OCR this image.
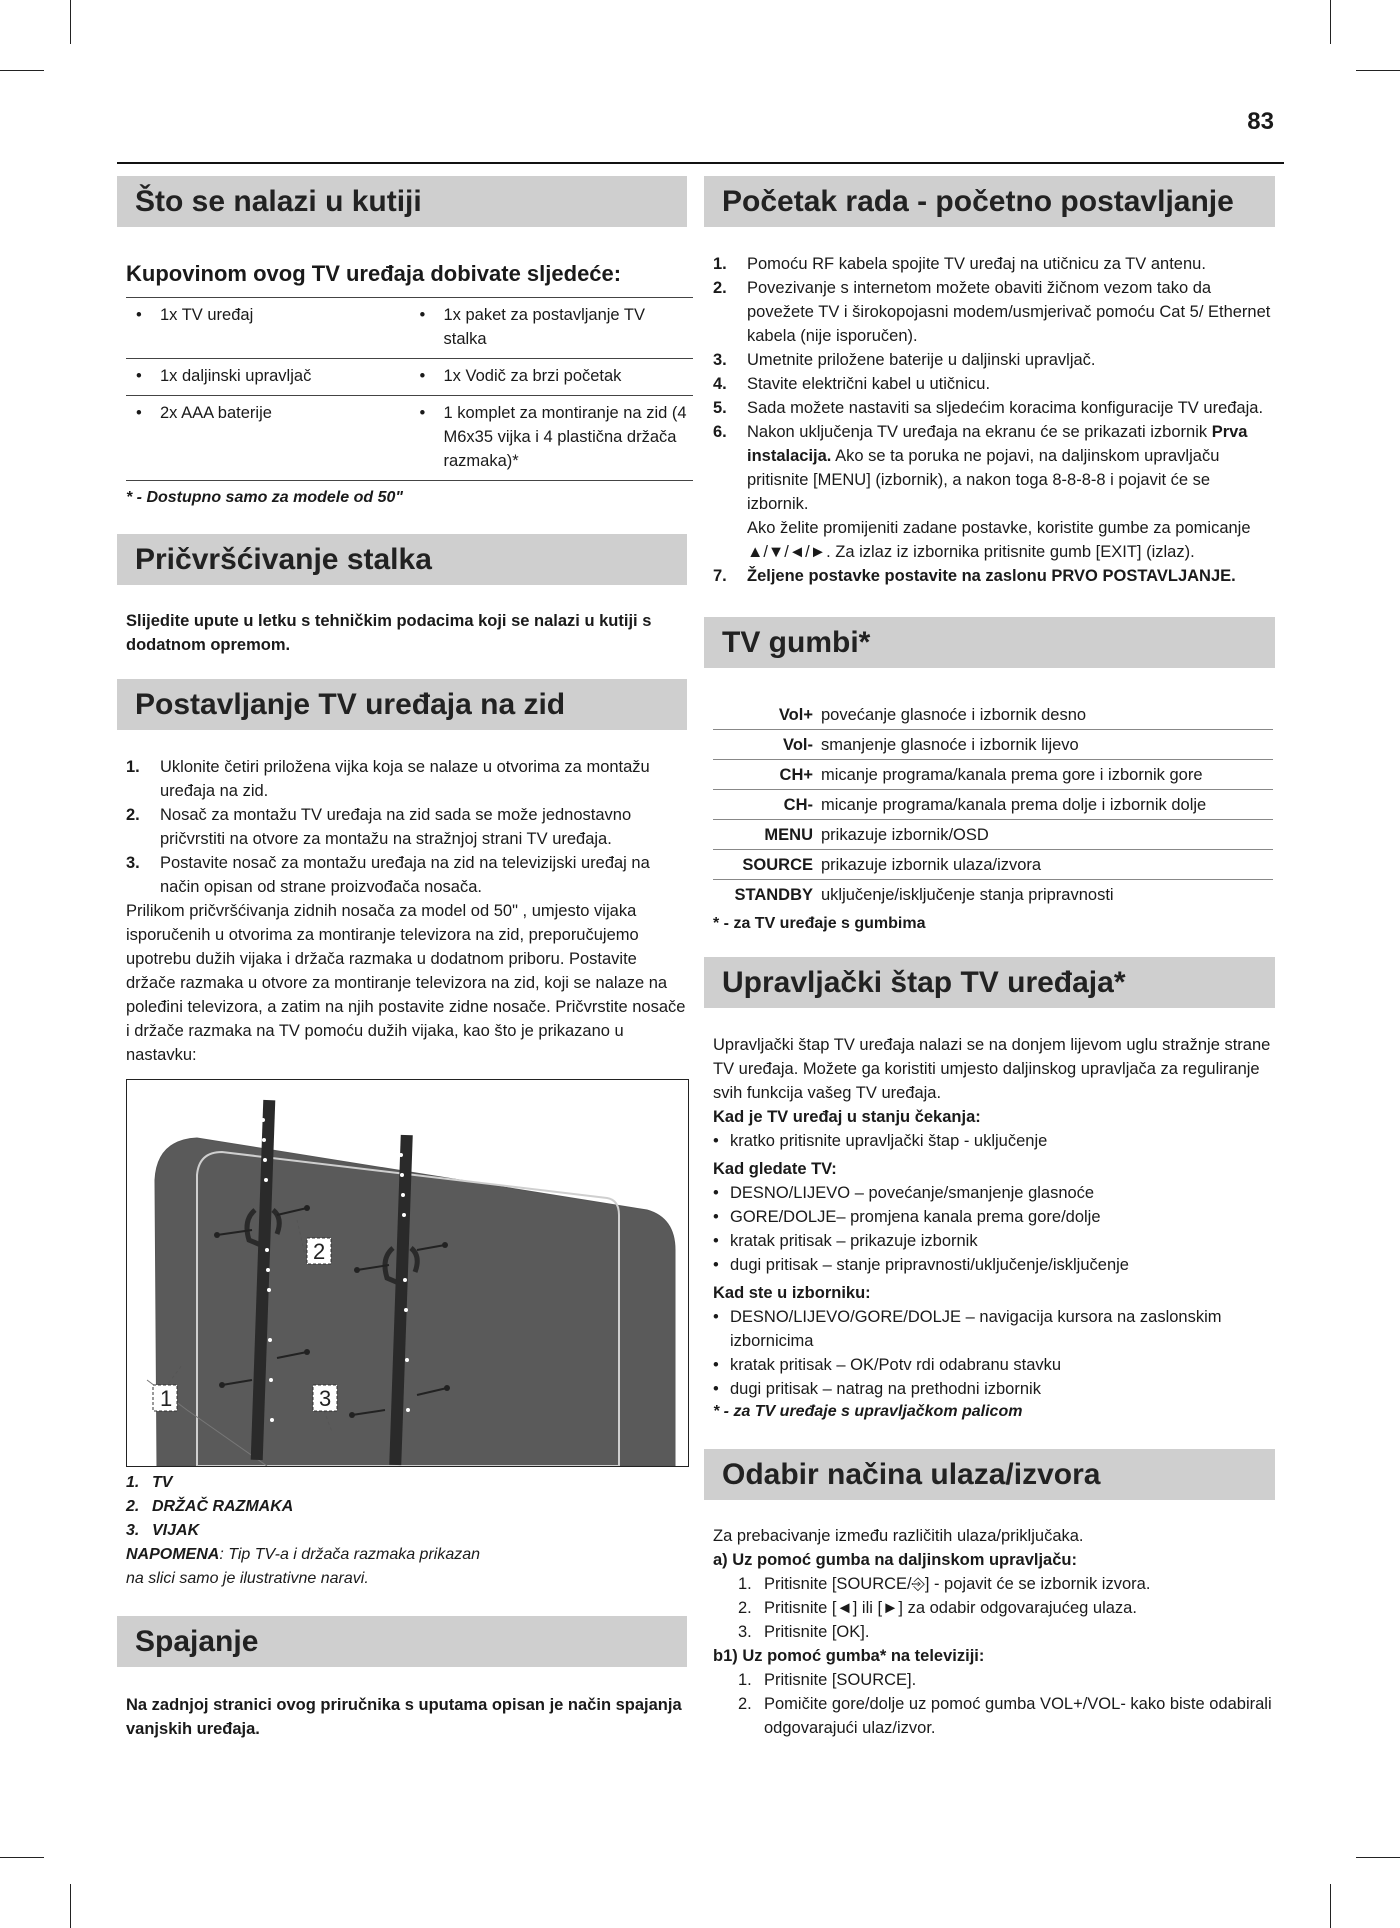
83
Što se nalazi u kutiji
Kupovinom ovog TV uređaja dobivate sljedeće:
• 1x TV uređaj	• 1x paket za postavljanje TV stalka
• 1x daljinski upravljač	• 1x Vodič za brzi početak
• 2x AAA baterije	• 1 komplet za montiranje na zid (4 M6x35 vijka i 4 plastična držača razmaka)*
* - Dostupno samo za modele od 50"
Pričvršćivanje stalka

Slijedite upute u letku s tehničkim podacima koji se nalazi u kutiji s dodatnom opremom.

Postavljanje TV uređaja na zid
1. Uklonite četiri priložena vijka koja se nalaze u otvorima za montažu uređaja na zid.
2. Nosač za montažu TV uređaja na zid sada se može jednostavno pričvrstiti na otvore za montažu na stražnjoj strani TV uređaja.
3. Postavite nosač za montažu uređaja na zid na televizijski uređaj na način opisan od strane proizvođača nosača.

Prilikom pričvršćivanja zidnih nosača za model od 50" , umjesto vijaka isporučenih u otvorima za montiranje televizora na zid, preporučujemo upotrebu dužih vijaka i držača razmaka u dodatnom priboru. Postavite držače razmaka u otvore za montiranje televizora na zid, koji se nalaze na poleđini televizora, a zatim na njih postavite zidne nosače. Pričvrstite nosače i držače razmaka na TV pomoću dužih vijaka, kao što je prikazano u nastavku:

2
1	3
1. TV
2. DRŽAČ RAZMAKA
3. VIJAK
NAPOMENA: Tip TV-a i držača razmaka prikazan na slici samo je ilustrativne naravi.
Spajanje

Na zadnjoj stranici ovog priručnika s uputama opisan je način spajanja vanjskih uređaja.

Početak rada - početno postavljanje
1. Pomoću RF kabela spojite TV uređaj na utičnicu za TV antenu.
2. Povezivanje s internetom možete obaviti žičnom vezom tako da povežete TV i širokopojasni modem/usmjerivač pomoću Cat 5/ Ethernet kabela (nije isporučen).
3. Umetnite priložene baterije u daljinski upravljač.
4. Stavite električni kabel u utičnicu.
5. Sada možete nastaviti sa sljedećim koracima konfiguracije TV uređaja.
6. Nakon uključenja TV uređaja na ekranu će se prikazati izbornik Prva instalacija. Ako se ta poruka ne pojavi, na daljinskom upravljaču pritisnite [MENU] (izbornik), a nakon toga 8-8-8-8 i pojavit će se izbornik.
Ako želite promijeniti zadane postavke, koristite gumbe za pomicanje ▲/▼/◄/►. Za izlaz iz izbornika pritisnite gumb [EXIT] (izlaz).
7. Željene postavke postavite na zaslonu PRVO POSTAVLJANJE.
TV gumbi*
Vol+	povećanje glasnoće i izbornik desno
Vol-	smanjenje glasnoće i izbornik lijevo
CH+	micanje programa/kanala prema gore i izbornik gore
CH-	micanje programa/kanala prema dolje i izbornik dolje
MENU	prikazuje izbornik/OSD
SOURCE	prikazuje izbornik ulaza/izvora
STANDBY	uključenje/isključenje stanja pripravnosti
* - za TV uređaje s gumbima
Upravljački štap TV uređaja*

Upravljački štap TV uređaja nalazi se na donjem lijevom uglu stražnje strane TV uređaja. Možete ga koristiti umjesto daljinskog upravljača za reguliranje svih funkcija vašeg TV uređaja.

Kad je TV uređaj u stanju čekanja:
• kratko pritisnite upravljački štap - uključenje
Kad gledate TV:
• DESNO/LIJEVO – povećanje/smanjenje glasnoće
• GORE/DOLJE– promjena kanala prema gore/dolje
• kratak pritisak – prikazuje izbornik
• dugi pritisak – stanje pripravnosti/uključenje/isključenje
Kad ste u izborniku:
• DESNO/LIJEVO/GORE/DOLJE – navigacija kursora na zaslonskim izbornicima
• kratak pritisak – OK/Potv rdi odabranu stavku
• dugi pritisak – natrag na prethodni izbornik
* - za TV uređaje s upravljačkom palicom
Odabir načina ulaza/izvora

Za prebacivanje između različitih ulaza/priključaka.

a) Uz pomoć gumba na daljinskom upravljaču:
1. Pritisnite [SOURCE/⎆] - pojavit će se izbornik izvora.
2. Pritisnite [◄] ili [►] za odabir odgovarajućeg ulaza.
3. Pritisnite [OK].
b1) Uz pomoć gumba* na televiziji:
1. Pritisnite [SOURCE].
2. Pomičite gore/dolje uz pomoć gumba VOL+/VOL- kako biste odabirali odgovarajući ulaz/izvor.
